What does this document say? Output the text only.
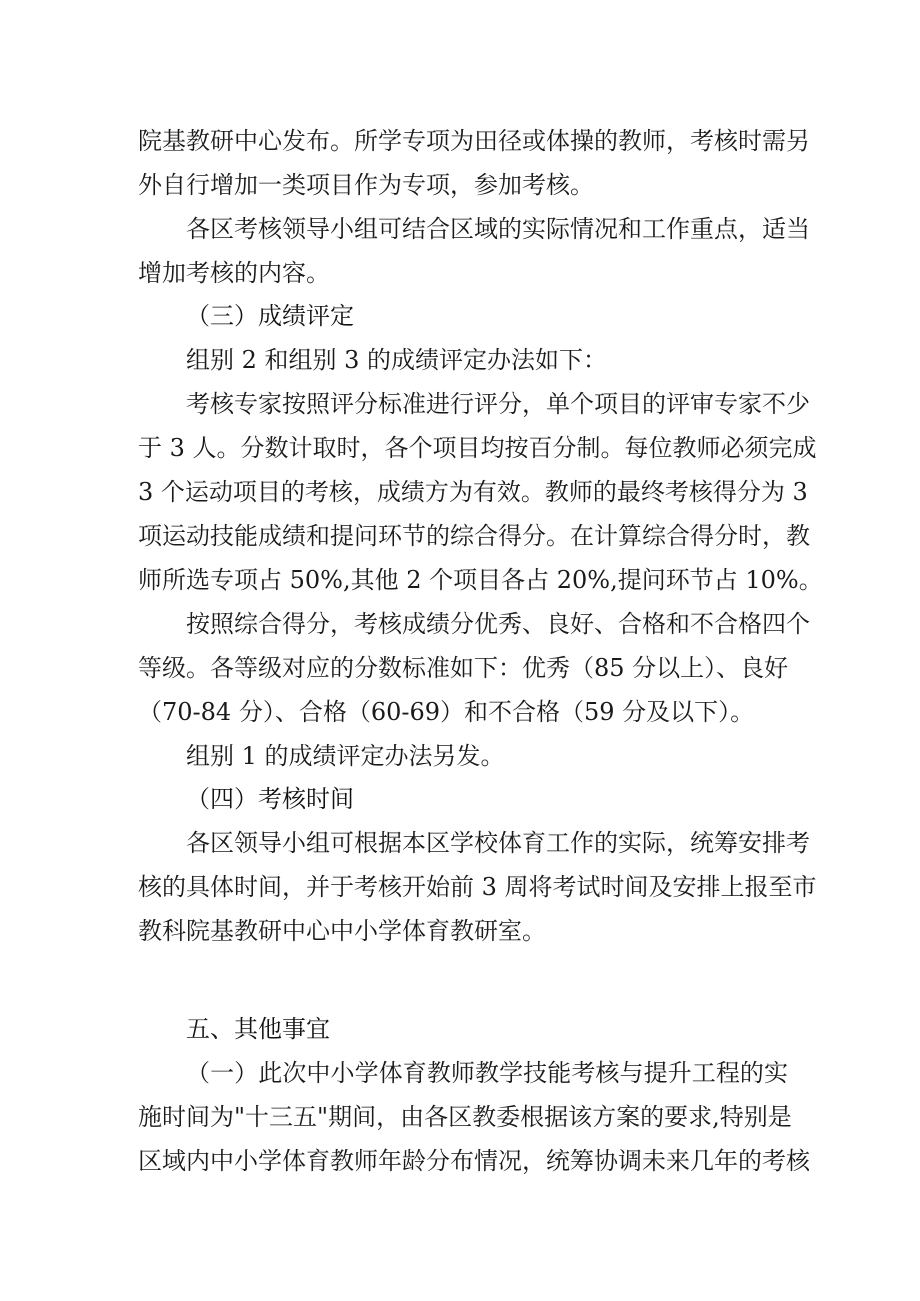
院基教研中心发布。所学专项为田径或体操的教师，考核时需另
外自行增加一类项目作为专项，参加考核。
各区考核领导小组可结合区域的实际情况和工作重点，适当
增加考核的内容。
（三）成绩评定
组别 2 和组别 3 的成绩评定办法如下：
考核专家按照评分标准进行评分，单个项目的评审专家不少
于 3 人。分数计取时，各个项目均按百分制。每位教师必须完成
3 个运动项目的考核，成绩方为有效。教师的最终考核得分为 3
项运动技能成绩和提问环节的综合得分。在计算综合得分时，教
师所选专项占 50%,其他 2 个项目各占 20%,提问环节占 10%。
按照综合得分，考核成绩分优秀、良好、合格和不合格四个
等级。各等级对应的分数标准如下：优秀（85 分以上）、良好
（70-84 分）、合格（60-69）和不合格（59 分及以下）。
组别 1 的成绩评定办法另发。
（四）考核时间
各区领导小组可根据本区学校体育工作的实际，统筹安排考
核的具体时间，并于考核开始前 3 周将考试时间及安排上报至市
教科院基教研中心中小学体育教研室。
五、其他事宜
（一）此次中小学体育教师教学技能考核与提升工程的实
施时间为"十三五"期间，由各区教委根据该方案的要求,特别是
区域内中小学体育教师年龄分布情况，统筹协调未来几年的考核
